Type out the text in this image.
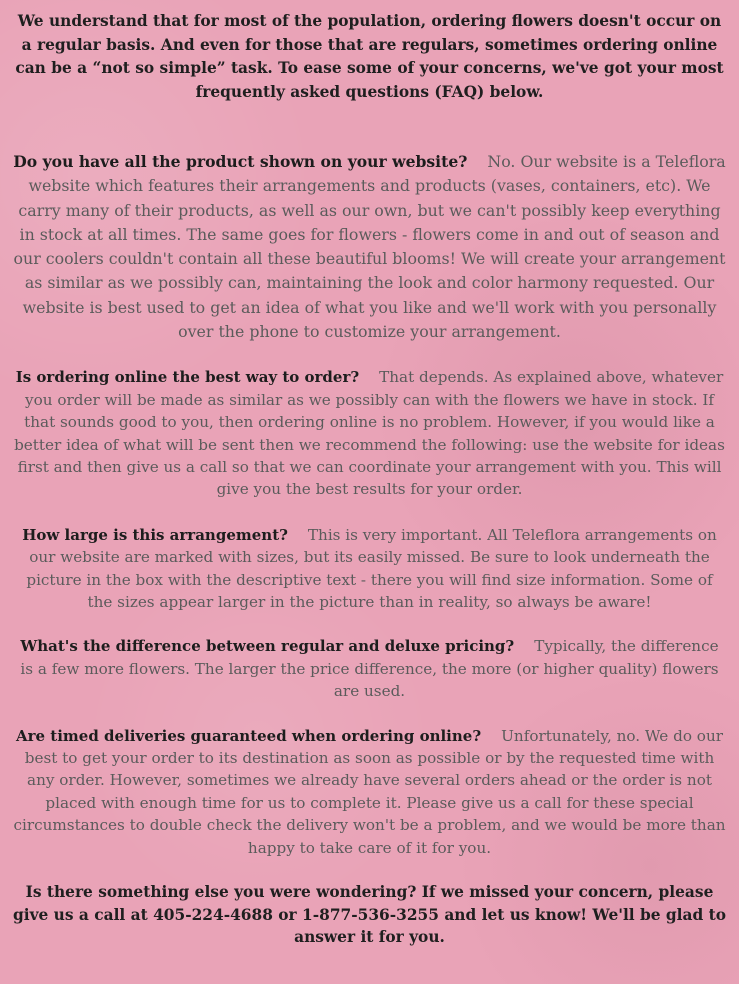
We understand that for most of the population, ordering flowers doesn't occur on a regular basis. And even for those that are regulars, sometimes ordering online can be a “not so simple” task. To ease some of your concerns, we've got your most frequently asked questions (FAQ) below.

Do you have all the product shown on your website? No. Our website is a Teleflora website which features their arrangements and products (vases, containers, etc). We carry many of their products, as well as our own, but we can't possibly keep everything in stock at all times. The same goes for flowers - flowers come in and out of season and our coolers couldn't contain all these beautiful blooms! We will create your arrangement as similar as we possibly can, maintaining the look and color harmony requested. Our website is best used to get an idea of what you like and we'll work with you personally over the phone to customize your arrangement.

Is ordering online the best way to order? That depends. As explained above, whatever you order will be made as similar as we possibly can with the flowers we have in stock. If that sounds good to you, then ordering online is no problem. However, if you would like a better idea of what will be sent then we recommend the following: use the website for ideas first and then give us a call so that we can coordinate your arrangement with you. This will give you the best results for your order.

How large is this arrangement? This is very important. All Teleflora arrangements on our website are marked with sizes, but its easily missed. Be sure to look underneath the picture in the box with the descriptive text - there you will find size information. Some of the sizes appear larger in the picture than in reality, so always be aware!

What's the difference between regular and deluxe pricing? Typically, the difference is a few more flowers. The larger the price difference, the more (or higher quality) flowers are used.

Are timed deliveries guaranteed when ordering online? Unfortunately, no. We do our best to get your order to its destination as soon as possible or by the requested time with any order. However, sometimes we already have several orders ahead or the order is not placed with enough time for us to complete it. Please give us a call for these special circumstances to double check the delivery won't be a problem, and we would be more than happy to take care of it for you.

Is there something else you were wondering? If we missed your concern, please give us a call at 405-224-4688 or 1-877-536-3255 and let us know! We'll be glad to answer it for you.
